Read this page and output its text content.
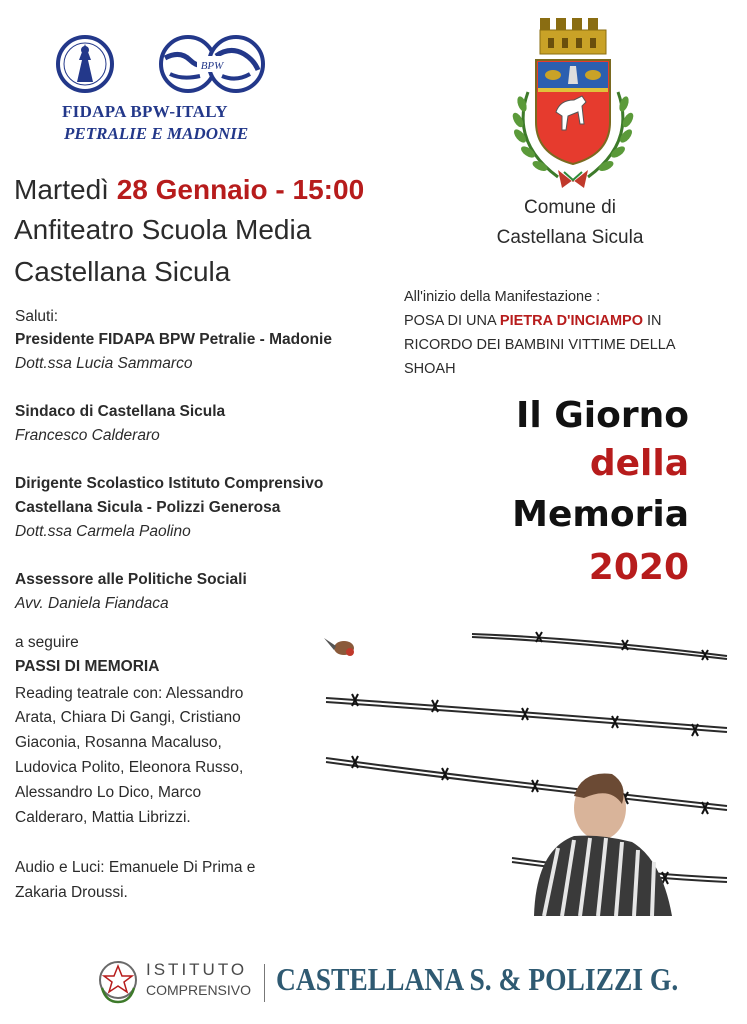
BPW
FIDAPA BPW-ITALY
PETRALIE E MADONIE
Martedì 28 Gennaio - 15:00
Anfiteatro Scuola Media
Castellana Sicula
Saluti:
Presidente FIDAPA BPW Petralie - Madonie
Dott.ssa Lucia Sammarco
Sindaco di Castellana Sicula
Francesco Calderaro
Dirigente Scolastico Istituto Comprensivo
Castellana Sicula - Polizzi Generosa
Dott.ssa Carmela Paolino
Assessore alle Politiche Sociali
Avv. Daniela Fiandaca
a seguire
PASSI DI MEMORIA
Reading teatrale con: Alessandro
Arata, Chiara Di Gangi, Cristiano
Giaconia, Rosanna Macaluso,
Ludovica Polito, Eleonora Russo,
Alessandro Lo Dico, Marco
Calderaro, Mattia Librizzi.
Audio e Luci: Emanuele Di Prima e
Zakaria Droussi.
Comune di
Castellana Sicula
All'inizio della Manifestazione :
POSA DI UNA PIETRA D'INCIAMPO IN
RICORDO DEI BAMBINI VITTIME DELLA
SHOAH
Il Giorno
della
Memoria
2020
ISTITUTO
COMPRENSIVO CASTELLANA S. & POLIZZI G.
